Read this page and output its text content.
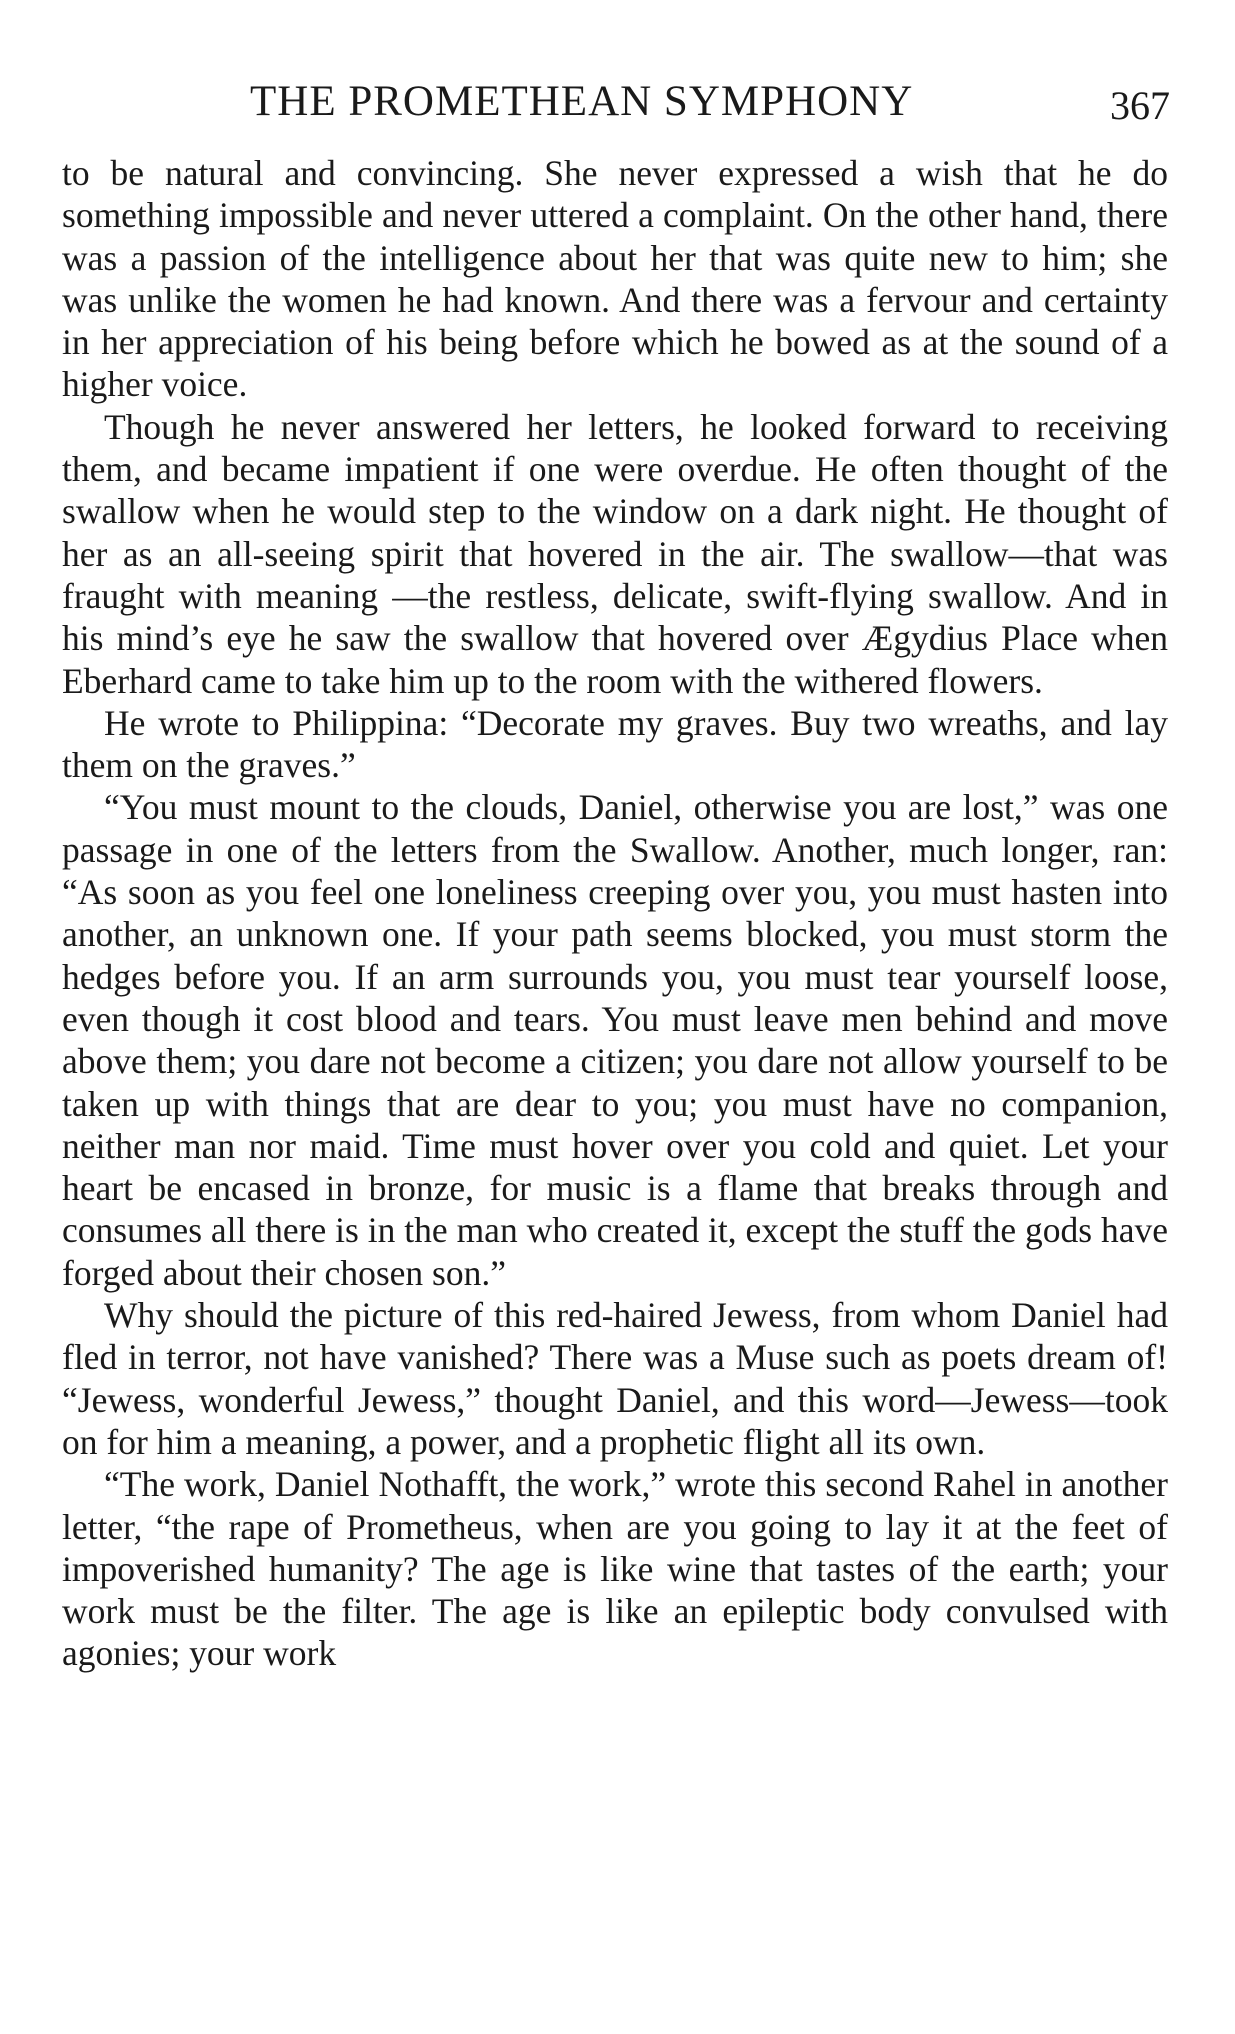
THE PROMETHEAN SYMPHONY	367

to be natural and convincing. She never expressed a wish that he do something impossible and never uttered a complaint. On the other hand, there was a passion of the intelligence about her that was quite new to him; she was unlike the women he had known. And there was a fervour and certainty in her appreciation of his being before which he bowed as at the sound of a higher voice.

Though he never answered her letters, he looked forward to receiving them, and became impatient if one were overdue. He often thought of the swallow when he would step to the window on a dark night. He thought of her as an all-seeing spirit that hovered in the air. The swallow—that was fraught with meaning —the restless, delicate, swift-flying swallow. And in his mind’s eye he saw the swallow that hovered over Ægydius Place when Eberhard came to take him up to the room with the withered flowers.

He wrote to Philippina: “Decorate my graves. Buy two wreaths, and lay them on the graves.”

“You must mount to the clouds, Daniel, otherwise you are lost,” was one passage in one of the letters from the Swallow. Another, much longer, ran: “As soon as you feel one loneliness creeping over you, you must hasten into another, an unknown one. If your path seems blocked, you must storm the hedges before you. If an arm surrounds you, you must tear yourself loose, even though it cost blood and tears. You must leave men behind and move above them; you dare not become a citizen; you dare not allow yourself to be taken up with things that are dear to you; you must have no companion, neither man nor maid. Time must hover over you cold and quiet. Let your heart be encased in bronze, for music is a flame that breaks through and consumes all there is in the man who created it, except the stuff the gods have forged about their chosen son.”

Why should the picture of this red-haired Jewess, from whom Daniel had fled in terror, not have vanished? There was a Muse such as poets dream of! “Jewess, wonderful Jewess,” thought Daniel, and this word—Jewess—took on for him a meaning, a power, and a prophetic flight all its own.

“The work, Daniel Nothafft, the work,” wrote this second Rahel in another letter, “the rape of Prometheus, when are you going to lay it at the feet of impoverished humanity? The age is like wine that tastes of the earth; your work must be the filter. The age is like an epileptic body convulsed with agonies; your work
